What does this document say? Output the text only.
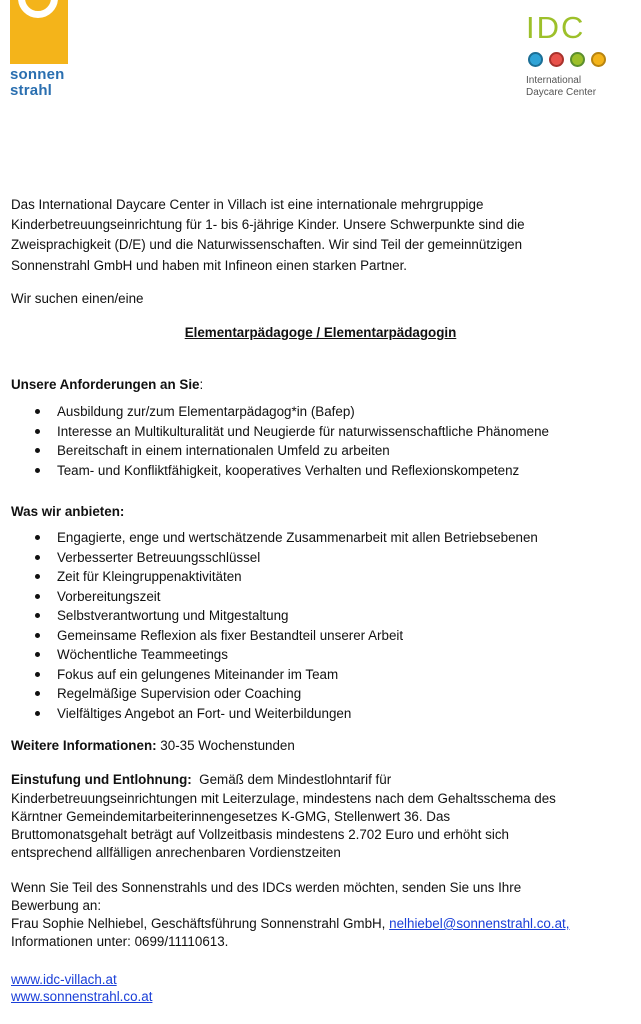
sonnen
strahl
IDC
International
Daycare Center
Das International Daycare Center in Villach ist eine internationale mehrgruppige
Kinderbetreuungseinrichtung für 1- bis 6-jährige Kinder. Unsere Schwerpunkte sind die
Zweisprachigkeit (D/E) und die Naturwissenschaften. Wir sind Teil der gemeinnützigen
Sonnenstrahl GmbH und haben mit Infineon einen starken Partner.
Wir suchen einen/eine
Elementarpädagoge / Elementarpädagogin
Unsere Anforderungen an Sie:
Ausbildung zur/zum Elementarpädagog*in (Bafep)
Interesse an Multikulturalität und Neugierde für naturwissenschaftliche Phänomene
Bereitschaft in einem internationalen Umfeld zu arbeiten
Team- und Konfliktfähigkeit, kooperatives Verhalten und Reflexionskompetenz
Was wir anbieten:
Engagierte, enge und wertschätzende Zusammenarbeit mit allen Betriebsebenen
Verbesserter Betreuungsschlüssel
Zeit für Kleingruppenaktivitäten
Vorbereitungszeit
Selbstverantwortung und Mitgestaltung
Gemeinsame Reflexion als fixer Bestandteil unserer Arbeit
Wöchentliche Teammeetings
Fokus auf ein gelungenes Miteinander im Team
Regelmäßige Supervision oder Coaching
Vielfältiges Angebot an Fort- und Weiterbildungen
Weitere Informationen: 30-35 Wochenstunden
Einstufung und Entlohnung:  Gemäß dem Mindestlohntarif für
Kinderbetreuungseinrichtungen mit Leiterzulage, mindestens nach dem Gehaltsschema des
Kärntner Gemeindemitarbeiterinnengesetzes K-GMG, Stellenwert 36. Das
Bruttomonatsgehalt beträgt auf Vollzeitbasis mindestens 2.702 Euro und erhöht sich
entsprechend allfälligen anrechenbaren Vordienstzeiten
Wenn Sie Teil des Sonnenstrahls und des IDCs werden möchten, senden Sie uns Ihre
Bewerbung an:
Frau Sophie Nelhiebel, Geschäftsführung Sonnenstrahl GmbH, nelhiebel@sonnenstrahl.co.at,
Informationen unter: 0699/11110613.
www.idc-villach.at
www.sonnenstrahl.co.at
